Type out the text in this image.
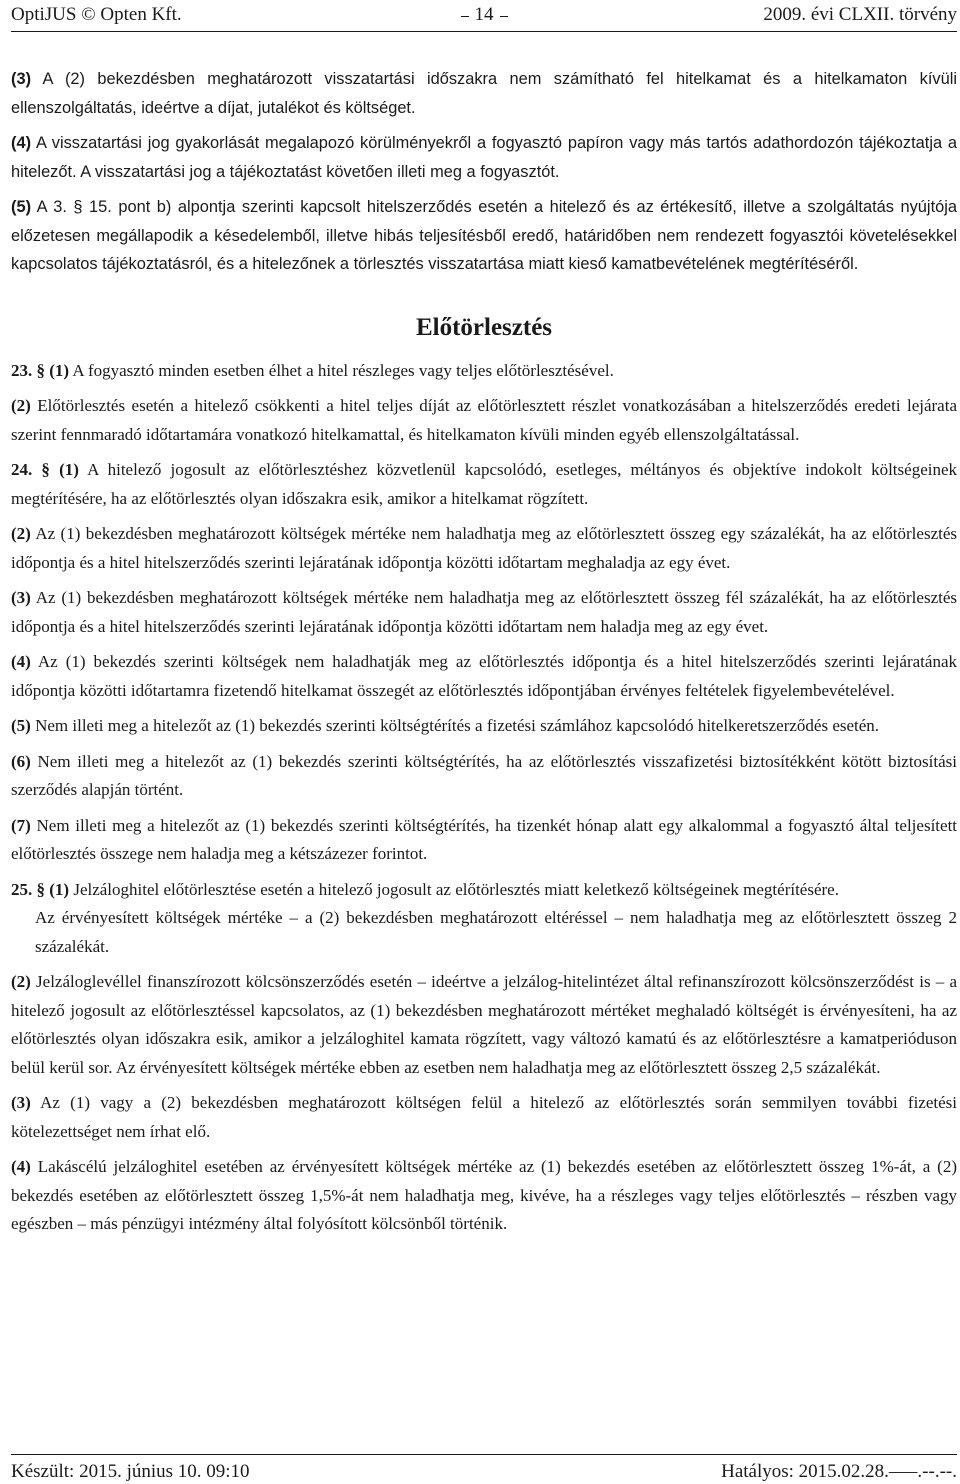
OptiJUS © Opten Kft.	14	2009. évi CLXII. törvény

(3) A (2) bekezdésben meghatározott visszatartási időszakra nem számítható fel hitelkamat és a hitelkamaton kívüli ellenszolgáltatás, ideértve a díjat, jutalékot és költséget.

(4) A visszatartási jog gyakorlását megalapozó körülményekről a fogyasztó papíron vagy más tartós adathordozón tájékoztatja a hitelezőt. A visszatartási jog a tájékoztatást követően illeti meg a fogyasztót.

(5) A 3. § 15. pont b) alpontja szerinti kapcsolt hitelszerződés esetén a hitelező és az értékesítő, illetve a szolgáltatás nyújtója előzetesen megállapodik a késedelemből, illetve hibás teljesítésből eredő, határidőben nem rendezett fogyasztói követelésekkel kapcsolatos tájékoztatásról, és a hitelezőnek a törlesztés visszatartása miatt kieső kamatbevételének megtérítéséről.

Előtörlesztés

23. § (1) A fogyasztó minden esetben élhet a hitel részleges vagy teljes előtörlesztésével.

(2) Előtörlesztés esetén a hitelező csökkenti a hitel teljes díját az előtörlesztett részlet vonatkozásában a hitelszerződés eredeti lejárata szerint fennmaradó időtartamára vonatkozó hitelkamattal, és hitelkamaton kívüli minden egyéb ellenszolgáltatással.

24. § (1) A hitelező jogosult az előtörlesztéshez közvetlenül kapcsolódó, esetleges, méltányos és objektíve indokolt költségeinek megtérítésére, ha az előtörlesztés olyan időszakra esik, amikor a hitelkamat rögzített.

(2) Az (1) bekezdésben meghatározott költségek mértéke nem haladhatja meg az előtörlesztett összeg egy százalékát, ha az előtörlesztés időpontja és a hitel hitelszerződés szerinti lejáratának időpontja közötti időtartam meghaladja az egy évet.

(3) Az (1) bekezdésben meghatározott költségek mértéke nem haladhatja meg az előtörlesztett összeg fél százalékát, ha az előtörlesztés időpontja és a hitel hitelszerződés szerinti lejáratának időpontja közötti időtartam nem haladja meg az egy évet.

(4) Az (1) bekezdés szerinti költségek nem haladhatják meg az előtörlesztés időpontja és a hitel hitelszerződés szerinti lejáratának időpontja közötti időtartamra fizetendő hitelkamat összegét az előtörlesztés időpontjában érvényes feltételek figyelembevételével.

(5) Nem illeti meg a hitelezőt az (1) bekezdés szerinti költségtérítés a fizetési számlához kapcsolódó hitelkeretszerződés esetén.

(6) Nem illeti meg a hitelezőt az (1) bekezdés szerinti költségtérítés, ha az előtörlesztés visszafizetési biztosítékként kötött biztosítási szerződés alapján történt.

(7) Nem illeti meg a hitelezőt az (1) bekezdés szerinti költségtérítés, ha tizenkét hónap alatt egy alkalommal a fogyasztó által teljesített előtörlesztés összege nem haladja meg a kétszázezer forintot.

25. § (1) Jelzáloghitel előtörlesztése esetén a hitelező jogosult az előtörlesztés miatt keletkező költségeinek megtérítésére.

Az érvényesített költségek mértéke – a (2) bekezdésben meghatározott eltéréssel – nem haladhatja meg az előtörlesztett összeg 2 százalékát.

(2) Jelzáloglevéllel finanszírozott kölcsönszerződés esetén – ideértve a jelzálog-hitelintézet által refinanszírozott kölcsönszerződést is – a hitelező jogosult az előtörlesztéssel kapcsolatos, az (1) bekezdésben meghatározott mértéket meghaladó költségét is érvényesíteni, ha az előtörlesztés olyan időszakra esik, amikor a jelzáloghitel kamata rögzített, vagy változó kamatú és az előtörlesztésre a kamatperióduson belül kerül sor. Az érvényesített költségek mértéke ebben az esetben nem haladhatja meg az előtörlesztett összeg 2,5 százalékát.

(3) Az (1) vagy a (2) bekezdésben meghatározott költségen felül a hitelező az előtörlesztés során semmilyen további fizetési kötelezettséget nem írhat elő.

(4) Lakáscélú jelzáloghitel esetében az érvényesített költségek mértéke az (1) bekezdés esetében az előtörlesztett összeg 1%-át, a (2) bekezdés esetében az előtörlesztett összeg 1,5%-át nem haladhatja meg, kivéve, ha a részleges vagy teljes előtörlesztés – részben vagy egészben – más pénzügyi intézmény által folyósított kölcsönből történik.

Készült: 2015. június 10. 09:10	Hatályos: 2015.02.28.–––.--.--.
